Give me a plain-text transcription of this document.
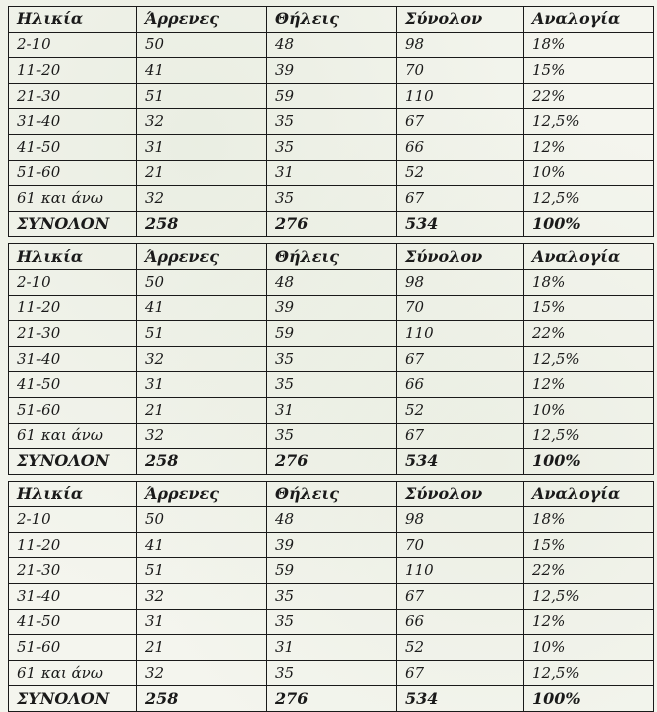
Ηλικία	Άρρενες	Θήλεις	Σύνολον	Αναλογία
2-10	50	48	98	18%
11-20	41	39	70	15%
21-30	51	59	110	22%
31-40	32	35	67	12,5%
41-50	31	35	66	12%
51-60	21	31	52	10%
61 και άνω	32	35	67	12,5%
ΣΥΝΟΛΟΝ	258	276	534	100%
Ηλικία	Άρρενες	Θήλεις	Σύνολον	Αναλογία
2-10	50	48	98	18%
11-20	41	39	70	15%
21-30	51	59	110	22%
31-40	32	35	67	12,5%
41-50	31	35	66	12%
51-60	21	31	52	10%
61 και άνω	32	35	67	12,5%
ΣΥΝΟΛΟΝ	258	276	534	100%
Ηλικία	Άρρενες	Θήλεις	Σύνολον	Αναλογία
2-10	50	48	98	18%
11-20	41	39	70	15%
21-30	51	59	110	22%
31-40	32	35	67	12,5%
41-50	31	35	66	12%
51-60	21	31	52	10%
61 και άνω	32	35	67	12,5%
ΣΥΝΟΛΟΝ	258	276	534	100%
